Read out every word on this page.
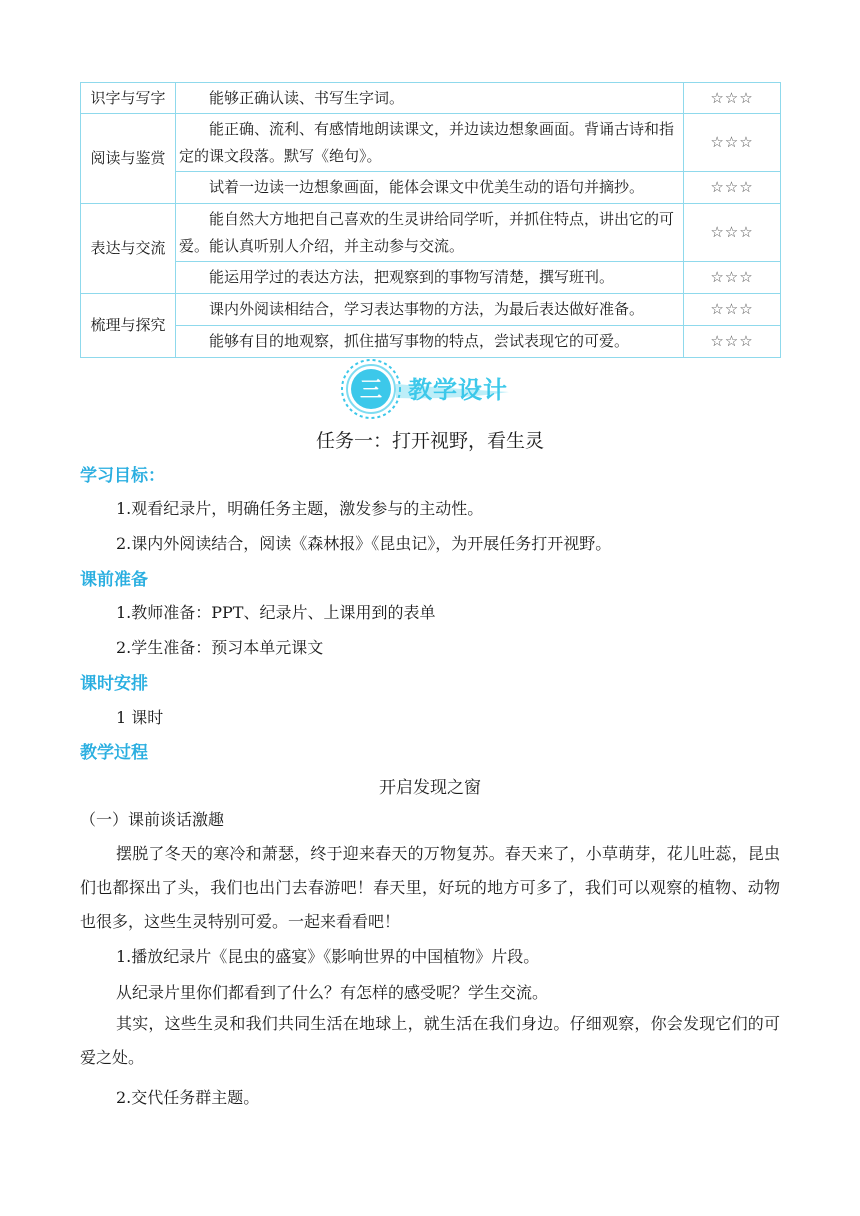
识字与写字	能够正确认读、书写生字词。	☆☆☆
阅读与鉴赏	能正确、流利、有感情地朗读课文，并边读边想象画面。背诵古诗和指定的课文段落。默写《绝句》。	☆☆☆

	试着一边读一边想象画面，能体会课文中优美生动的语句并摘抄。	☆☆☆
表达与交流	能自然大方地把自己喜欢的生灵讲给同学听，并抓住特点，讲出它的可爱。能认真听别人介绍，并主动参与交流。	☆☆☆

	能运用学过的表达方法，把观察到的事物写清楚，撰写班刊。	☆☆☆
梳理与探究	课内外阅读相结合，学习表达事物的方法，为最后表达做好准备。	☆☆☆

	能够有目的地观察，抓住描写事物的特点，尝试表现它的可爱。	☆☆☆
三 教学设计
任务一：打开视野，看生灵
学习目标：
1.观看纪录片，明确任务主题，激发参与的主动性。
2.课内外阅读结合，阅读《森林报》《昆虫记》，为开展任务打开视野。
课前准备
1.教师准备：PPT、纪录片、上课用到的表单
2.学生准备：预习本单元课文
课时安排
1 课时
教学过程
开启发现之窗
（一）课前谈话激趣

摆脱了冬天的寒冷和萧瑟，终于迎来春天的万物复苏。春天来了，小草萌芽，花儿吐蕊，昆虫们也都探出了头，我们也出门去春游吧！春天里，好玩的地方可多了，我们可以观察的植物、动物也很多，这些生灵特别可爱。一起来看看吧！

1.播放纪录片《昆虫的盛宴》《影响世界的中国植物》片段。
从纪录片里你们都看到了什么？有怎样的感受呢？学生交流。

其实，这些生灵和我们共同生活在地球上，就生活在我们身边。仔细观察，你会发现它们的可爱之处。

2.交代任务群主题。
